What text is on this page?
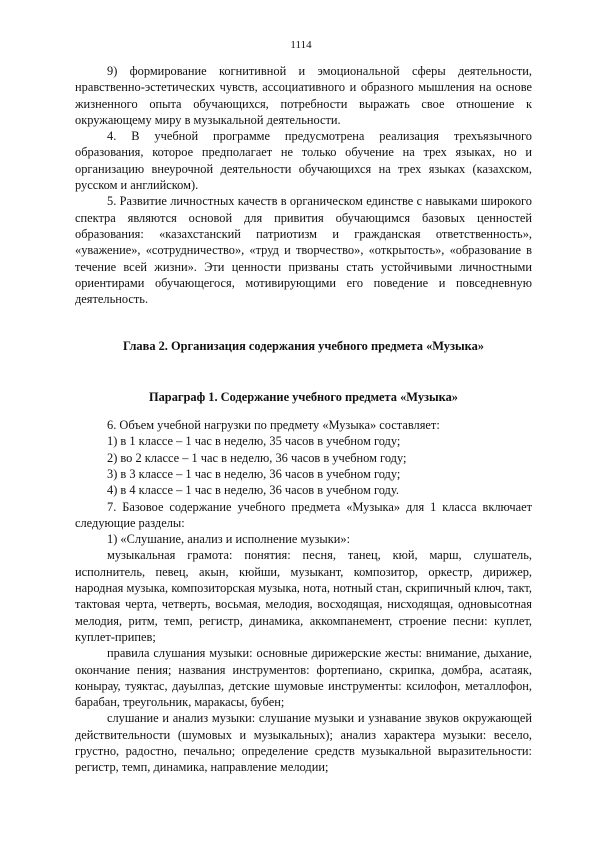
1114

9) формирование когнитивной и эмоциональной сферы деятельности, нравственно-эстетических чувств, ассоциативного и образного мышления на основе жизненного опыта обучающихся, потребности выражать свое отношение к окружающему миру в музыкальной деятельности.

4. В учебной программе предусмотрена реализация трехъязычного образования, которое предполагает не только обучение на трех языках, но и организацию внеурочной деятельности обучающихся на трех языках (казахском, русском и английском).

5. Развитие личностных качеств в органическом единстве с навыками широкого спектра являются основой для привития обучающимся базовых ценностей образования: «казахстанский патриотизм и гражданская ответственность», «уважение», «сотрудничество», «труд и творчество», «открытость», «образование в течение всей жизни». Эти ценности призваны стать устойчивыми личностными ориентирами обучающегося, мотивирующими его поведение и повседневную деятельность.

Глава 2. Организация содержания учебного предмета «Музыка»
Параграф 1. Содержание учебного предмета «Музыка»

6. Объем учебной нагрузки по предмету «Музыка» составляет:

1) в 1 классе – 1 час в неделю, 35 часов в учебном году;

2) во 2 классе – 1 час в неделю, 36 часов в учебном году;

3) в 3 классе – 1 час в неделю, 36 часов в учебном году;

4) в 4 классе – 1 час в неделю, 36 часов в учебном году.

7. Базовое содержание учебного предмета «Музыка» для 1 класса включает следующие разделы:

1) «Слушание, анализ и исполнение музыки»:

музыкальная грамота: понятия: песня, танец, кюй, марш, слушатель, исполнитель, певец, акын, кюйши, музыкант, композитор, оркестр, дирижер, народная музыка, композиторская музыка, нота, нотный стан, скрипичный ключ, такт, тактовая черта, четверть, восьмая, мелодия, восходящая, нисходящая, одновысотная мелодия, ритм, темп, регистр, динамика, аккомпанемент, строение песни: куплет, куплет-припев;

правила слушания музыки: основные дирижерские жесты: внимание, дыхание, окончание пения; названия инструментов: фортепиано, скрипка, домбра, асатаяк, конырау, туяктас, дауылпаз, детские шумовые инструменты: ксилофон, металлофон, барабан, треугольник, маракасы, бубен;

слушание и анализ музыки: слушание музыки и узнавание звуков окружающей действительности (шумовых и музыкальных); анализ характера музыки: весело, грустно, радостно, печально; определение средств музыкальной выразительности: регистр, темп, динамика, направление мелодии;
